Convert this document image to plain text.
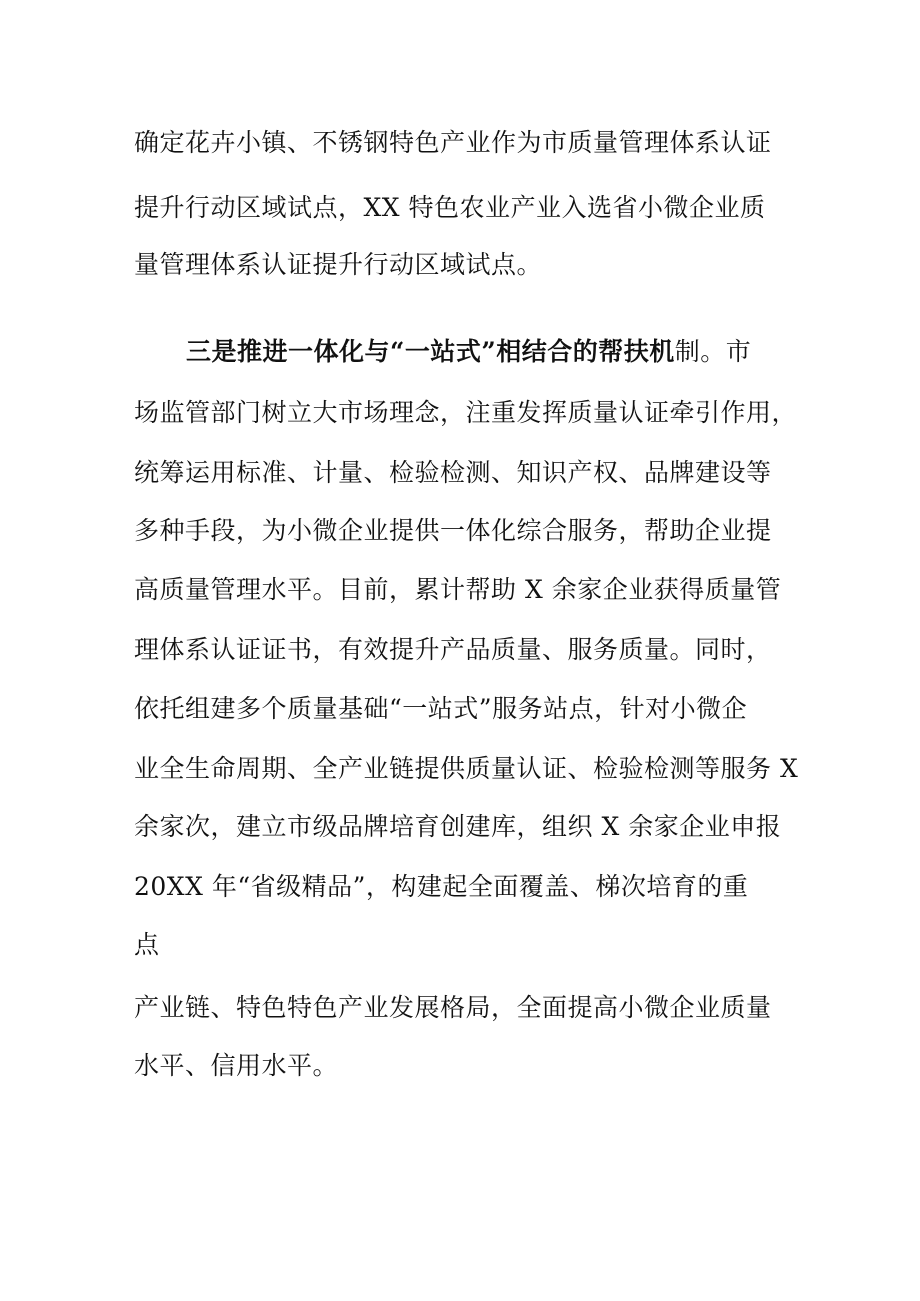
确定花卉小镇、不锈钢特色产业作为市质量管理体系认证
提升行动区域试点，XX 特色农业产业入选省小微企业质
量管理体系认证提升行动区域试点。
三是推进一体化与“一站式”相结合的帮扶机制。市
场监管部门树立大市场理念，注重发挥质量认证牵引作用，
统筹运用标准、计量、检验检测、知识产权、品牌建设等
多种手段，为小微企业提供一体化综合服务，帮助企业提
高质量管理水平。目前，累计帮助 X 余家企业获得质量管
理体系认证证书，有效提升产品质量、服务质量。同时，
依托组建多个质量基础“一站式”服务站点，针对小微企
业全生命周期、全产业链提供质量认证、检验检测等服务 X
余家次，建立市级品牌培育创建库，组织 X 余家企业申报
20XX 年“省级精品”，构建起全面覆盖、梯次培育的重
点
产业链、特色特色产业发展格局，全面提高小微企业质量
水平、信用水平。
